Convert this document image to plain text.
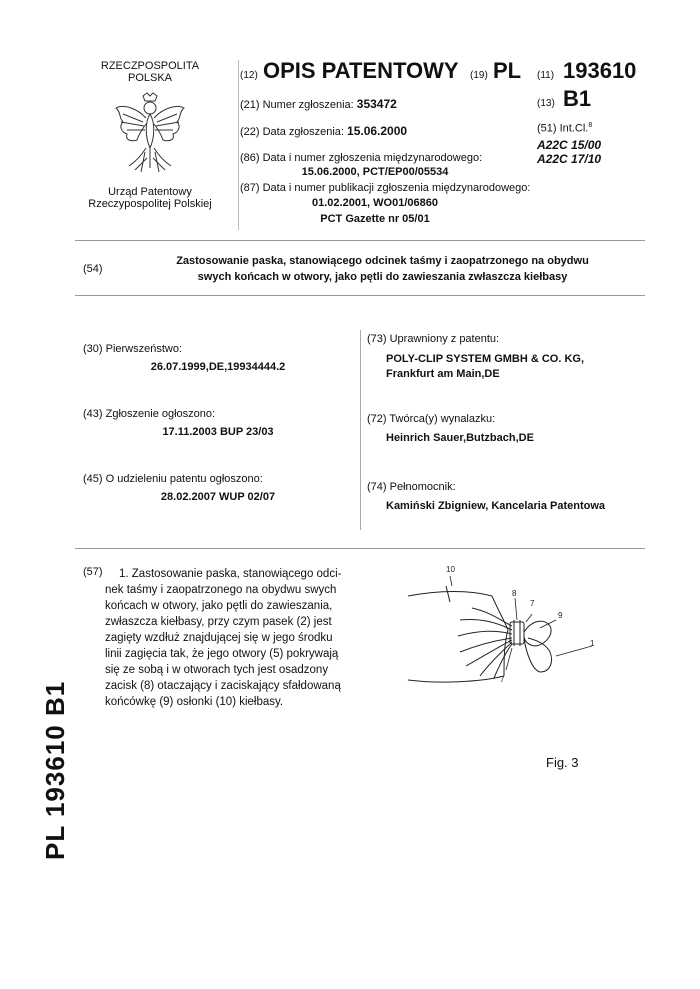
RZECZPOSPOLITA
POLSKA
Urząd Patentowy
Rzeczypospolitej Polskiej
(12) OPIS PATENTOWY (19) PL (11) 193610
(13) B1
(51) Int.Cl.$^8$
A22C 15/00
A22C 17/10
(21) Numer zgłoszenia: 353472
(22) Data zgłoszenia: 15.06.2000
(86) Data i numer zgłoszenia międzynarodowego:
15.06.2000, PCT/EP00/05534
(87) Data i numer publikacji zgłoszenia międzynarodowego:
01.02.2001, WO01/06860
PCT Gazette nr 05/01
(54)
Zastosowanie paska, stanowiącego odcinek taśmy i zaopatrzonego na obydwu
swych końcach w otwory, jako pętli do zawieszania zwłaszcza kiełbasy
(30) Pierwszeństwo:
26.07.1999,DE,19934444.2
(43) Zgłoszenie ogłoszono:
17.11.2003 BUP 23/03
(45) O udzieleniu patentu ogłoszono:
28.02.2007 WUP 02/07
(73) Uprawniony z patentu:
POLY-CLIP SYSTEM GMBH & CO. KG,
Frankfurt am Main,DE
(72) Twórca(y) wynalazku:
Heinrich Sauer,Butzbach,DE
(74) Pełnomocnik:
Kamiński Zbigniew, Kancelaria Patentowa
(57)	1. Zastosowanie paska, stanowiącego odci-
nek taśmy i zaopatrzonego na obydwu swych
końcach w otwory, jako pętli do zawieszania,
zwłaszcza kiełbasy, przy czym pasek (2) jest
zagięty wzdłuż znajdującej się w jego środku
linii zagięcia tak, że jego otwory (5) pokrywają
się ze sobą i w otworach tych jest osadzony
zacisk (8) otaczający i zaciskający sfałdowaną
końcówkę (9) osłonki (10) kiełbasy.
10
8
7
9
1
7
Fig. 3
PL 193610 B1
